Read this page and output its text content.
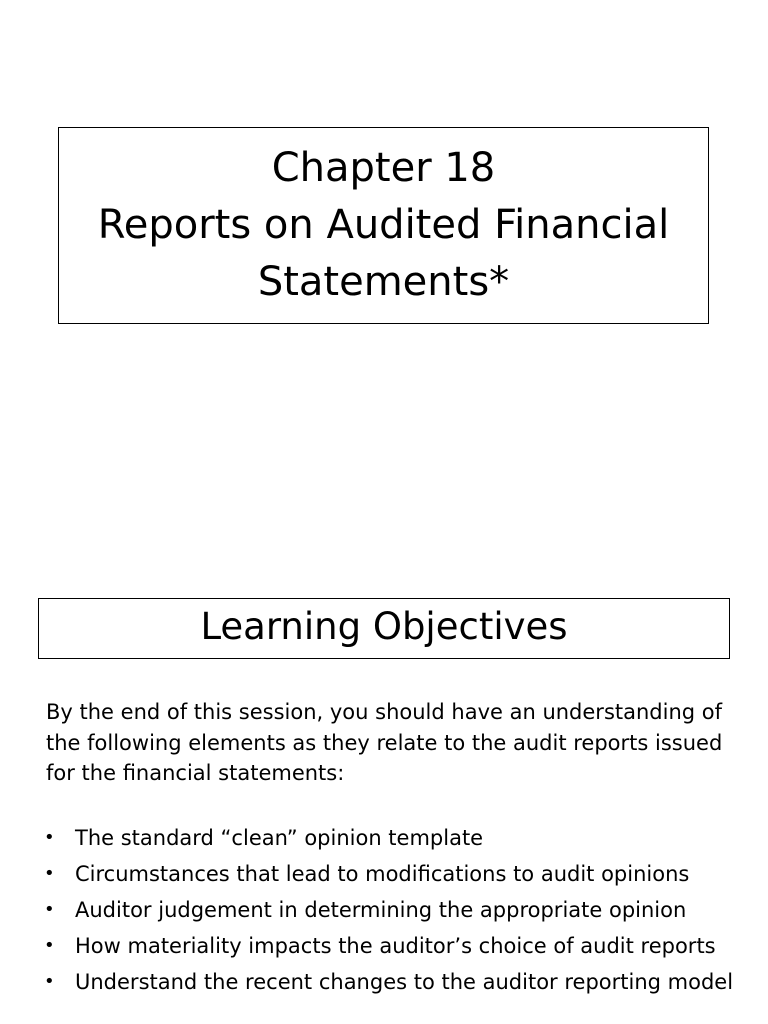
Chapter 18
Reports on Audited Financial
Statements*
Learning Objectives
By the end of this session, you should have an understanding of
the following elements as they relate to the audit reports issued
for the financial statements:
• The standard “clean” opinion template
• Circumstances that lead to modifications to audit opinions
• Auditor judgement in determining the appropriate opinion
• How materiality impacts the auditor’s choice of audit reports
• Understand the recent changes to the auditor reporting model
